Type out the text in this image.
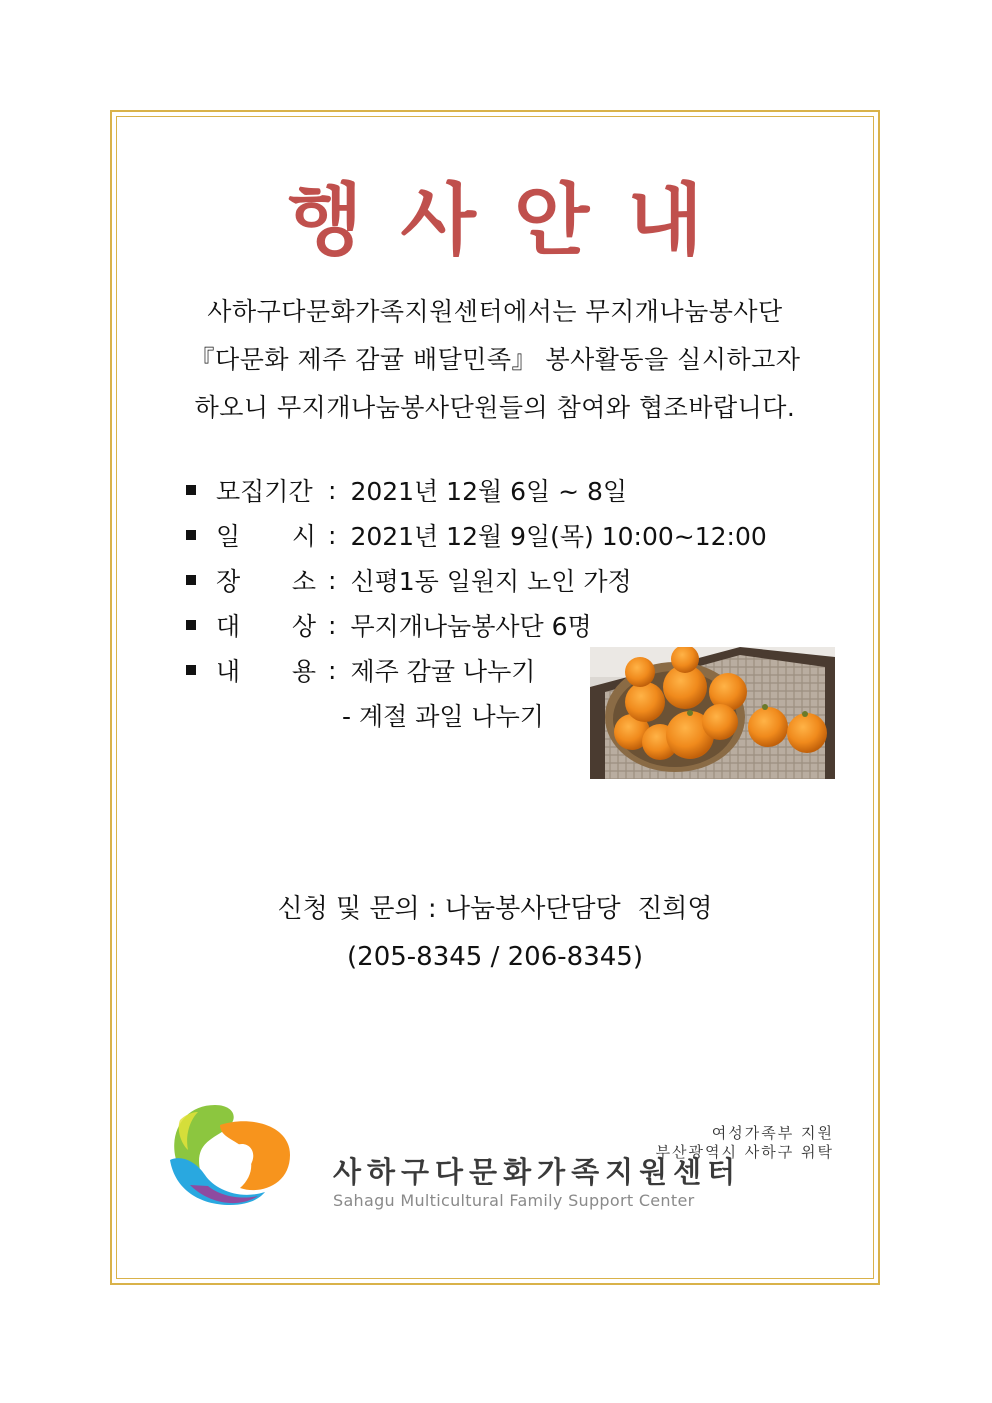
행사안내
사하구다문화가족지원센터에서는 무지개나눔봉사단
『다문화 제주 감귤 배달민족』 봉사활동을 실시하고자
하오니 무지개나눔봉사단원들의 참여와 협조바랍니다.
모집기간 : 2021년 12월 6일 ~ 8일
일 시 : 2021년 12월 9일(목) 10:00~12:00
장 소 : 신평1동 일원지 노인 가정
대 상 : 무지개나눔봉사단 6명
내 용 : 제주 감귤 나누기
- 계절 과일 나누기
신청 및 문의 : 나눔봉사단담당  진희영
(205-8345 / 206-8345)
여성가족부 지원
부산광역시 사하구 위탁
사하구다문화가족지원센터
Sahagu Multicultural Family Support Center
